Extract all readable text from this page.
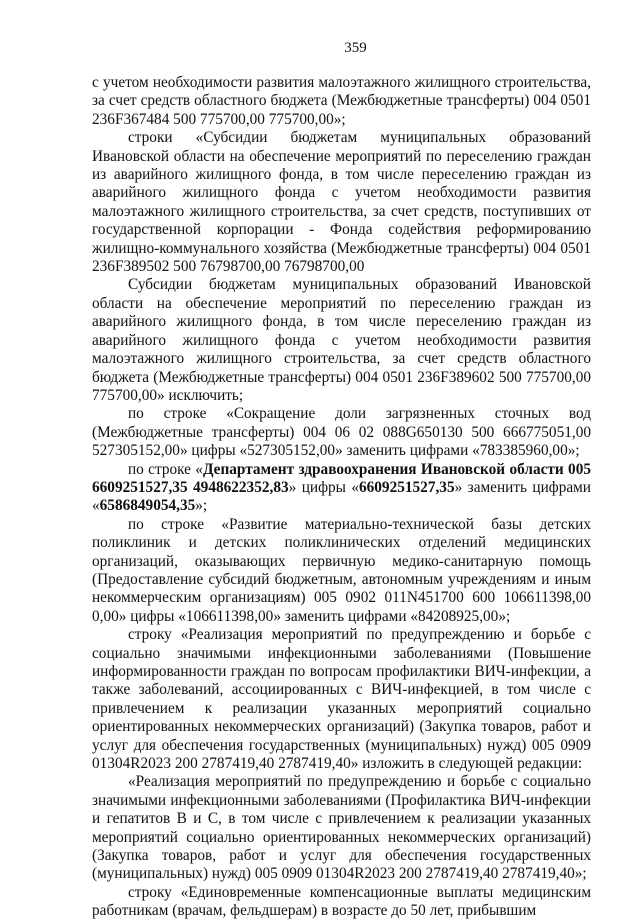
359

с учетом необходимости развития малоэтажного жилищного строительства, за счет средств областного бюджета (Межбюджетные трансферты) 004 0501 236F367484 500 775700,00 775700,00»;

строки «Субсидии бюджетам муниципальных образований Ивановской области на обеспечение мероприятий по переселению граждан из аварийного жилищного фонда, в том числе переселению граждан из аварийного жилищного фонда с учетом необходимости развития малоэтажного жилищного строительства, за счет средств, поступивших от государственной корпорации - Фонда содействия реформированию жилищно-коммунального хозяйства (Межбюджетные трансферты) 004 0501 236F389502 500 76798700,00 76798700,00

Субсидии бюджетам муниципальных образований Ивановской области на обеспечение мероприятий по переселению граждан из аварийного жилищного фонда, в том числе переселению граждан из аварийного жилищного фонда с учетом необходимости развития малоэтажного жилищного строительства, за счет средств областного бюджета (Межбюджетные трансферты) 004 0501 236F389602 500 775700,00 775700,00» исключить;

по строке «Сокращение доли загрязненных сточных вод (Межбюджетные трансферты) 004 06 02 088G650130 500 666775051,00 527305152,00» цифры «527305152,00» заменить цифрами «783385960,00»;

по строке «Департамент здравоохранения Ивановской области 005 6609251527,35 4948622352,83» цифры «6609251527,35» заменить цифрами «6586849054,35»;

по строке «Развитие материально-технической базы детских поликлиник и детских поликлинических отделений медицинских организаций, оказывающих первичную медико-санитарную помощь (Предоставление субсидий бюджетным, автономным учреждениям и иным некоммерческим организациям) 005 0902 011N451700 600 106611398,00 0,00» цифры «106611398,00» заменить цифрами «84208925,00»;

строку «Реализация мероприятий по предупреждению и борьбе с социально значимыми инфекционными заболеваниями (Повышение информированности граждан по вопросам профилактики ВИЧ-инфекции, а также заболеваний, ассоциированных с ВИЧ-инфекцией, в том числе с привлечением к реализации указанных мероприятий социально ориентированных некоммерческих организаций) (Закупка товаров, работ и услуг для обеспечения государственных (муниципальных) нужд) 005 0909 01304R2023 200 2787419,40 2787419,40» изложить в следующей редакции:

«Реализация мероприятий по предупреждению и борьбе с социально значимыми инфекционными заболеваниями (Профилактика ВИЧ-инфекции и гепатитов В и С, в том числе с привлечением к реализации указанных мероприятий социально ориентированных некоммерческих организаций) (Закупка товаров, работ и услуг для обеспечения государственных (муниципальных) нужд) 005 0909 01304R2023 200 2787419,40 2787419,40»;

строку «Единовременные компенсационные выплаты медицинским работникам (врачам, фельдшерам) в возрасте до 50 лет, прибывшим
